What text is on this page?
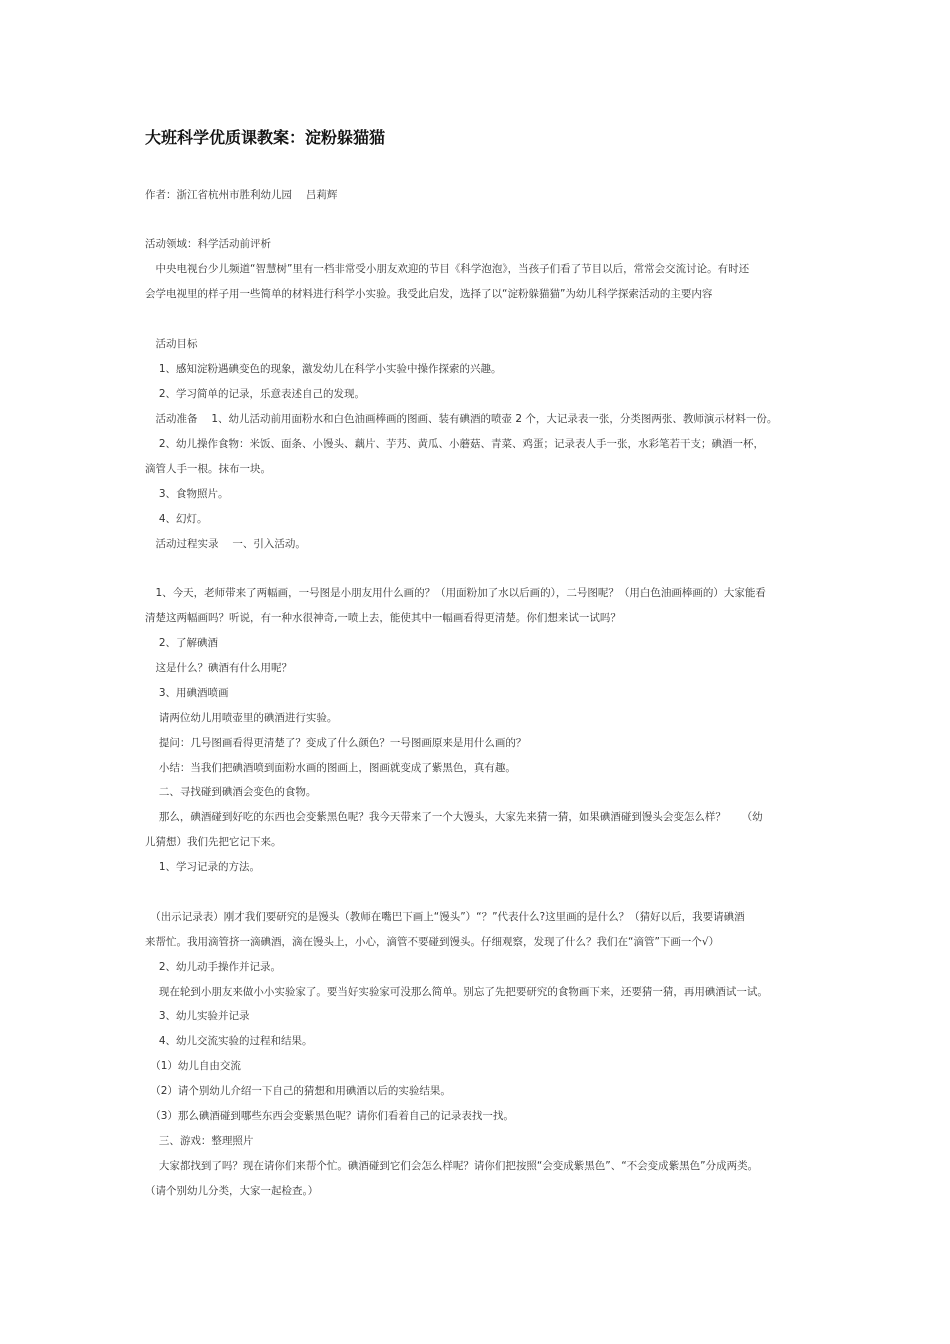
大班科学优质课教案：淀粉躲猫猫
作者：浙江省杭州市胜利幼儿园　 吕莉辉
活动领域：科学活动前评析
　中央电视台少儿频道“智慧树”里有一档非常受小朋友欢迎的节目《科学泡泡》，当孩子们看了节目以后，常常会交流讨论。有时还
会学电视里的样子用一些简单的材料进行科学小实验。我受此启发，选择了以“淀粉躲猫猫”为幼儿科学探索活动的主要内容
　活动目标
　 1、感知淀粉遇碘变色的现象，激发幼儿在科学小实验中操作探索的兴趣。
　 2、学习简单的记录，乐意表述自己的发现。
　活动准备　 1、幼儿活动前用面粉水和白色油画棒画的图画、装有碘酒的喷壶 2 个，大记录表一张，分类图两张、教师演示材料一份。
　 2、幼儿操作食物：米饭、面条、小馒头、藕片、芋艿、黄瓜、小蘑菇、青菜、鸡蛋；记录表人手一张，水彩笔若干支；碘酒一杯，
滴管人手一根。抹布一块。
　 3、食物照片。
　 4、幻灯。
　活动过程实录　 一、引入活动。
　1、今天，老师带来了两幅画，一号图是小朋友用什么画的？（用面粉加了水以后画的），二号图呢？（用白色油画棒画的）大家能看
清楚这两幅画吗？听说，有一种水很神奇,一喷上去，能使其中一幅画看得更清楚。你们想来试一试吗？
　 2、了解碘酒
　这是什么？碘酒有什么用呢？
　 3、用碘酒喷画
　 请两位幼儿用喷壶里的碘酒进行实验。
　 提问：几号图画看得更清楚了？变成了什么颜色？一号图画原来是用什么画的？
　 小结：当我们把碘酒喷到面粉水画的图画上，图画就变成了紫黑色，真有趣。
　 二、寻找碰到碘酒会变色的食物。
　 那么，碘酒碰到好吃的东西也会变紫黑色呢？我今天带来了一个大馒头，大家先来猜一猜，如果碘酒碰到馒头会变怎么样？　　（幼
儿猜想）我们先把它记下来。
　 1、学习记录的方法。
　（出示记录表）刚才我们要研究的是馒头（教师在嘴巴下画上“馒头”）“？”代表什么?这里画的是什么？（猜好以后，我要请碘酒
来帮忙。我用滴管挤一滴碘酒，滴在馒头上，小心，滴管不要碰到馒头。仔细观察，发现了什么？我们在“滴管”下画一个√）
　 2、幼儿动手操作并记录。
　 现在轮到小朋友来做小小实验家了。要当好实验家可没那么简单。别忘了先把要研究的食物画下来，还要猜一猜，再用碘酒试一试。
　 3、幼儿实验并记录
　 4、幼儿交流实验的过程和结果。
　（1）幼儿自由交流
　（2）请个别幼儿介绍一下自己的猜想和用碘酒以后的实验结果。
　（3）那么碘酒碰到哪些东西会变紫黑色呢？请你们看着自己的记录表找一找。
　 三、游戏：整理照片
　 大家都找到了吗？现在请你们来帮个忙。碘酒碰到它们会怎么样呢？请你们把按照“会变成紫黑色”、“不会变成紫黑色”分成两类。
（请个别幼儿分类，大家一起检查。）
